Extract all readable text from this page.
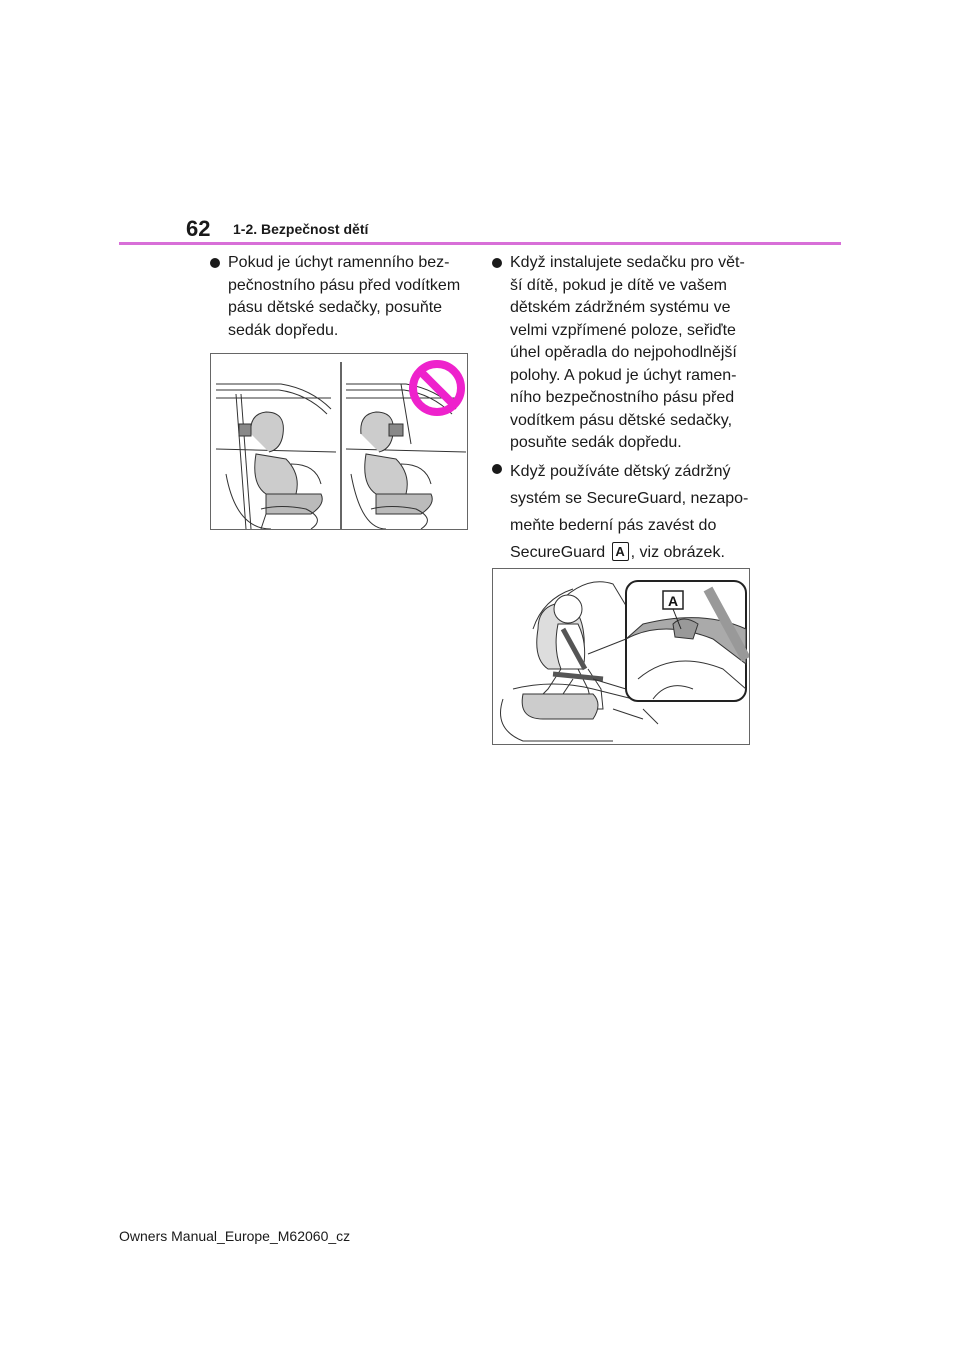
62 1-2. Bezpečnost dětí
Pokud je úchyt ramenního bez-
pečnostního pásu před vodítkem
pásu dětské sedačky, posuňte
sedák dopředu.
Když instalujete sedačku pro vět-
ší dítě, pokud je dítě ve vašem
dětském zádržném systému ve
velmi vzpřímené poloze, seřiďte
úhel opěradla do nejpohodlnější
polohy. A pokud je úchyt ramen-
ního bezpečnostního pásu před
vodítkem pásu dětské sedačky,
posuňte sedák dopředu.
Když používáte dětský zádržný
systém se SecureGuard, nezapo-
meňte bederní pás zavést do
SecureGuard A , viz obrázek.
A
Owners Manual_Europe_M62060_cz
